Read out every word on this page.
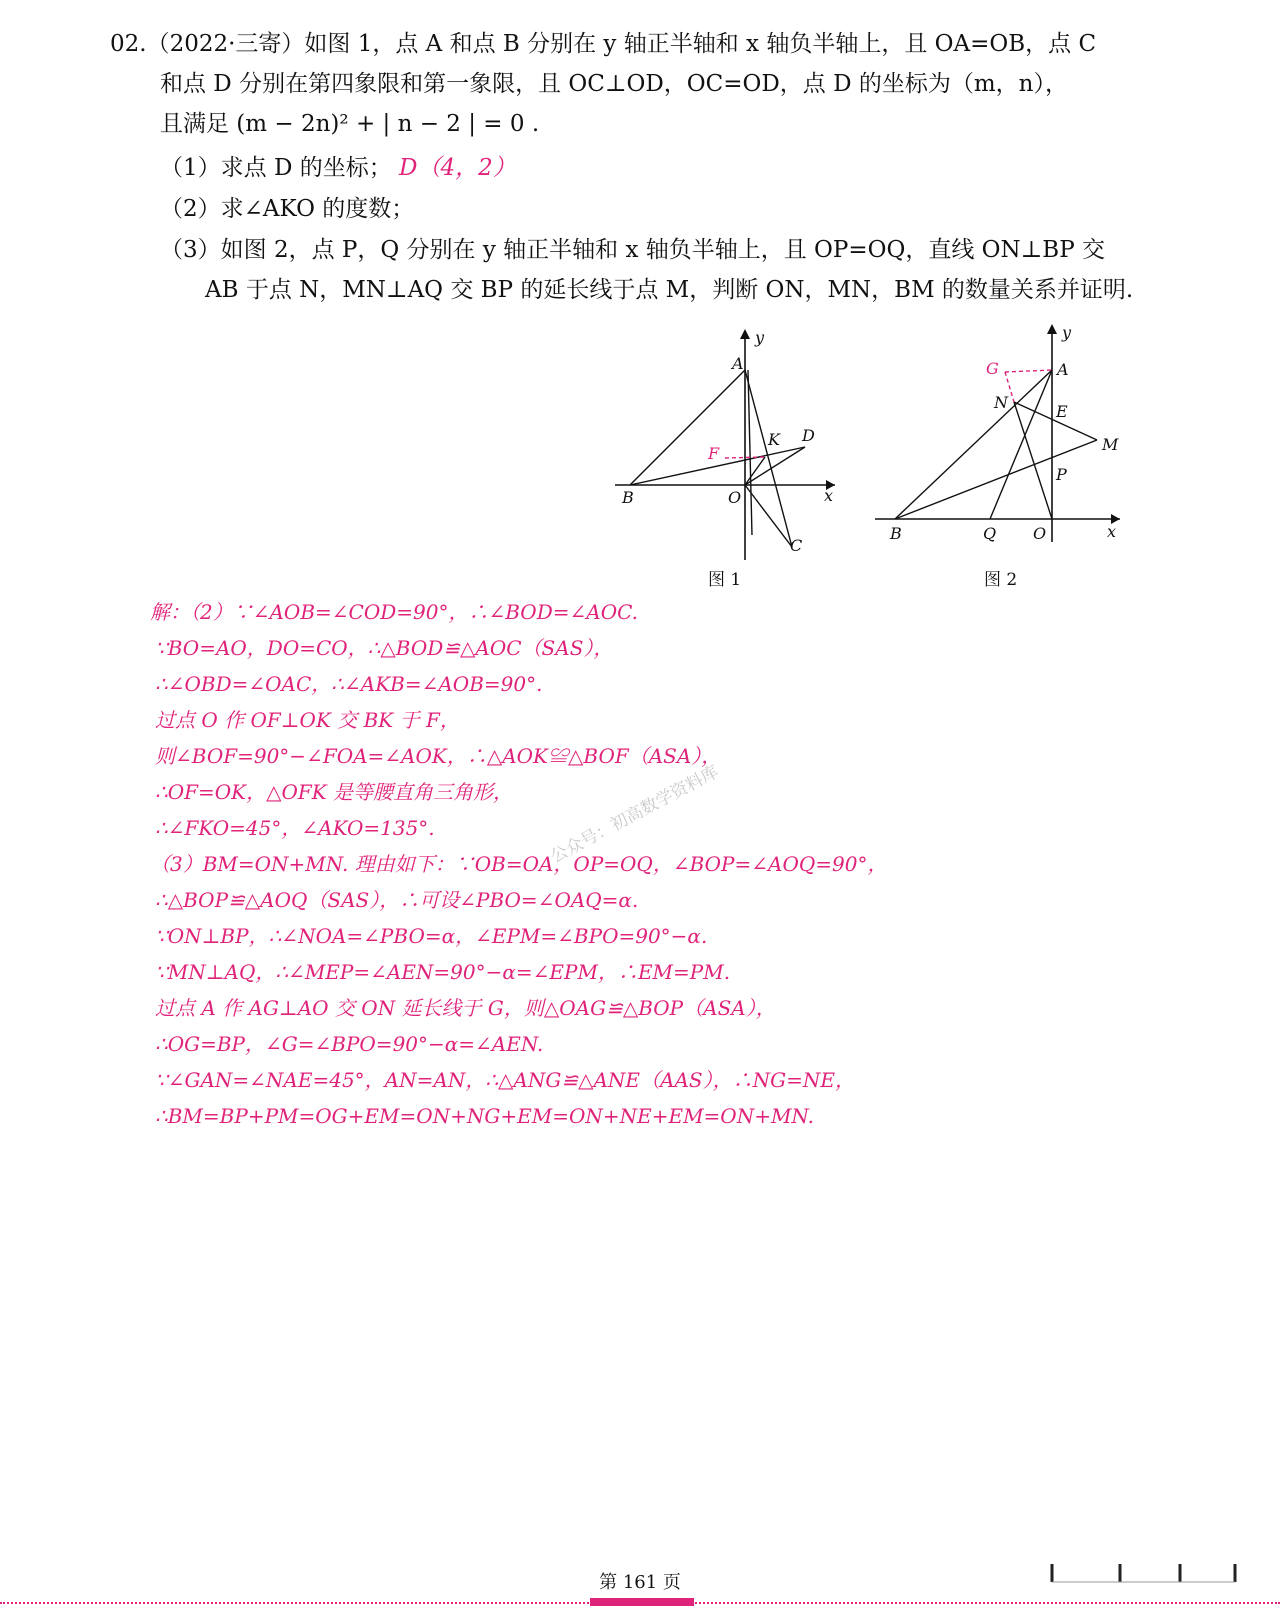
02.（2022·三寄）如图 1，点 A 和点 B 分别在 y 轴正半轴和 x 轴负半轴上，且 OA=OB，点 C
和点 D 分别在第四象限和第一象限，且 OC⊥OD，OC=OD，点 D 的坐标为（m，n），
且满足 (m − 2n)² + | n − 2 | = 0 .
（1）求点 D 的坐标； D（4，2）
（2）求∠AKO 的度数；
（3）如图 2，点 P，Q 分别在 y 轴正半轴和 x 轴负半轴上，且 OP=OQ，直线 ON⊥BP 交
AB 于点 N，MN⊥AQ 交 BP 的延长线于点 M，判断 ON，MN，BM 的数量关系并证明.
A
y
B	O	x
C
D
K
F
图 1
A
y
N	E
M
P
B	Q O	x
G
图 2
公众号：初高数学资料库
解：（2）∵∠AOB=∠COD=90°，∴∠BOD=∠AOC.
∵BO=AO，DO=CO，∴△BOD≌△AOC（SAS），
∴∠OBD=∠OAC，∴∠AKB=∠AOB=90°.
过点 O 作 OF⊥OK 交 BK 于 F，
则∠BOF=90°−∠FOA=∠AOK，∴△AOK≌△BOF（ASA），
∴OF=OK，△OFK 是等腰直角三角形，
∴∠FKO=45°，∠AKO=135°.
（3）BM=ON+MN. 理由如下：∵OB=OA，OP=OQ，∠BOP=∠AOQ=90°，
∴△BOP≌△AOQ（SAS），∴可设∠PBO=∠OAQ=α.
∵ON⊥BP，∴∠NOA=∠PBO=α，∠EPM=∠BPO=90°−α.
∵MN⊥AQ，∴∠MEP=∠AEN=90°−α=∠EPM，∴EM=PM.
过点 A 作 AG⊥AO 交 ON 延长线于 G，则△OAG≌△BOP（ASA），
∴OG=BP，∠G=∠BPO=90°−α=∠AEN.
∵∠GAN=∠NAE=45°，AN=AN，∴△ANG≌△ANE（AAS），∴NG=NE，
∴BM=BP+PM=OG+EM=ON+NG+EM=ON+NE+EM=ON+MN.
第 161 页
